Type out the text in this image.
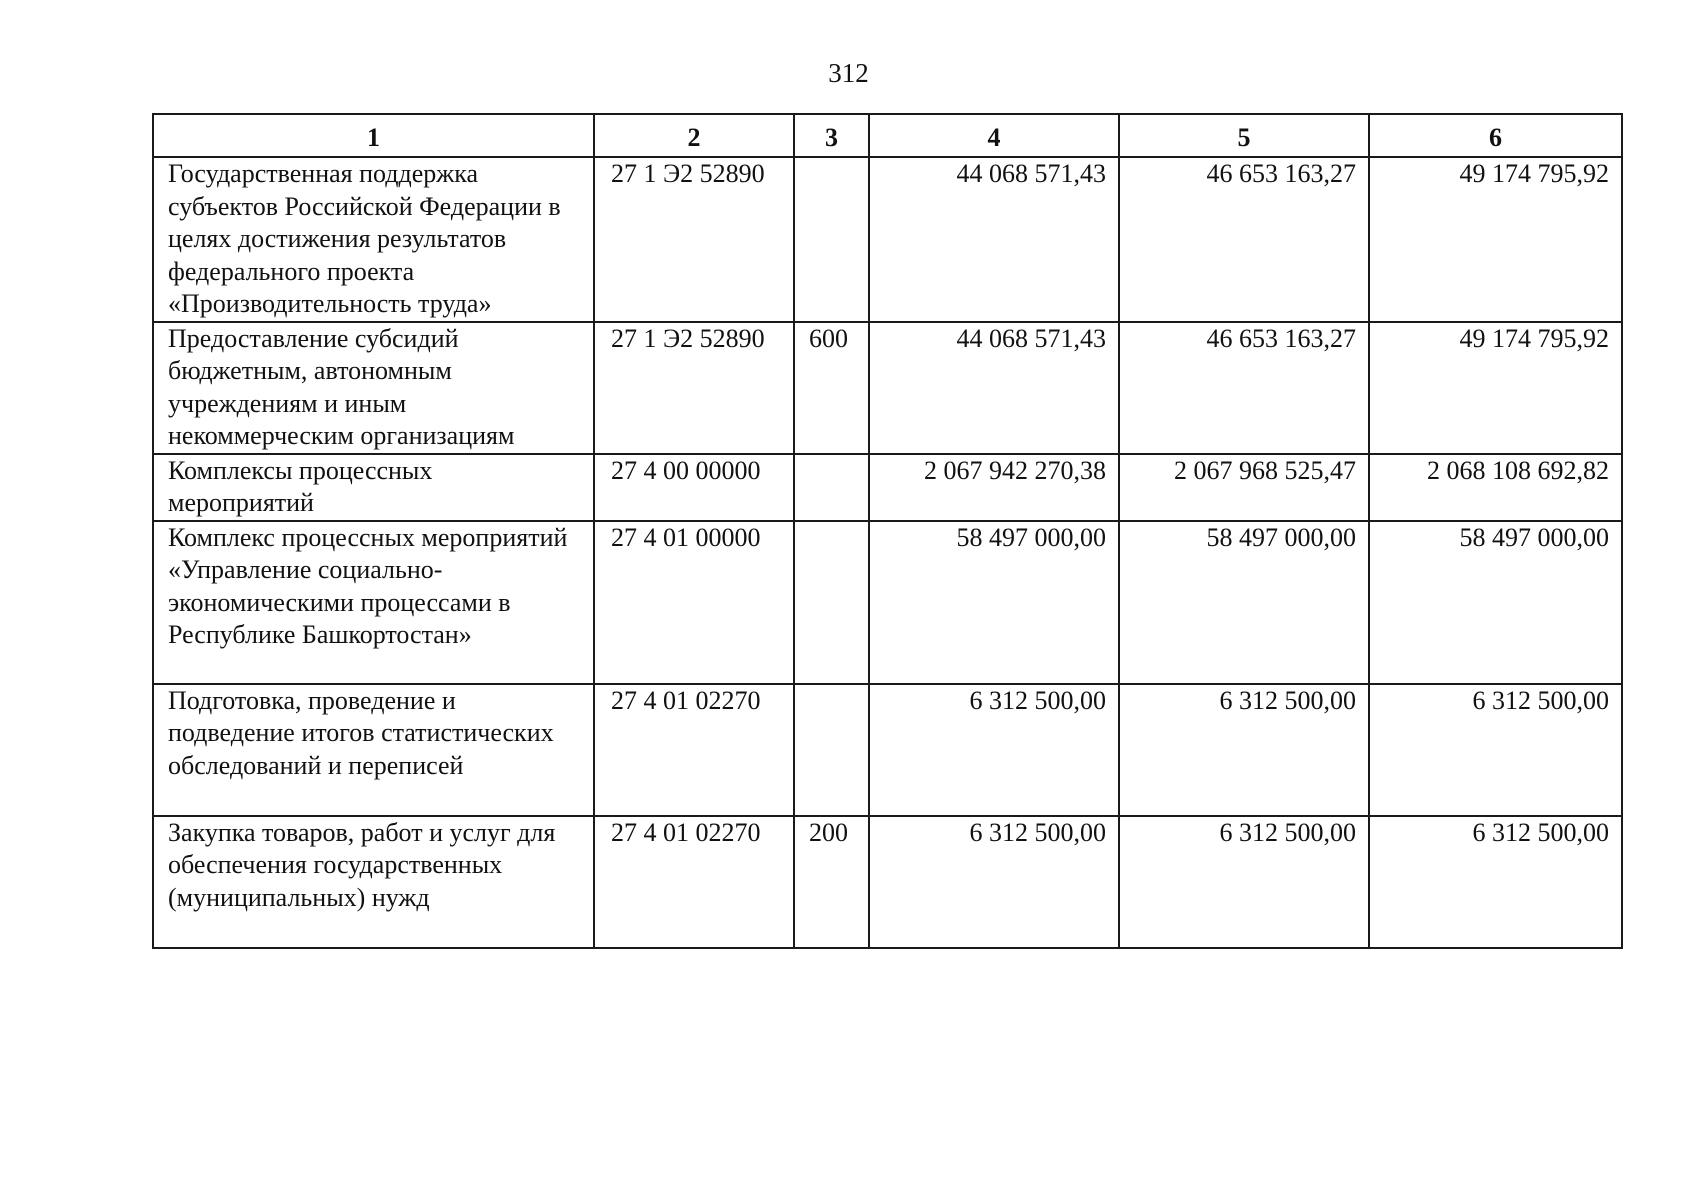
312
1	2	3	4	5	6
Государственная поддержка субъектов Российской Федерации в целях достижения результатов федерального проекта «Производительность труда»	27 1 Э2 52890		44 068 571,43	46 653 163,27	49 174 795,92
Предоставление субсидий бюджетным, автономным учреждениям и иным некоммерческим организациям	27 1 Э2 52890	600	44 068 571,43	46 653 163,27	49 174 795,92
Комплексы процессных мероприятий	27 4 00 00000		2 067 942 270,38	2 067 968 525,47	2 068 108 692,82
Комплекс процессных мероприятий «Управление социально-экономическими процессами в Республике Башкортостан»	27 4 01 00000		58 497 000,00	58 497 000,00	58 497 000,00
Подготовка, проведение и подведение итогов статистических обследований и переписей	27 4 01 02270		6 312 500,00	6 312 500,00	6 312 500,00
Закупка товаров, работ и услуг для обеспечения государственных (муниципальных) нужд	27 4 01 02270	200	6 312 500,00	6 312 500,00	6 312 500,00
